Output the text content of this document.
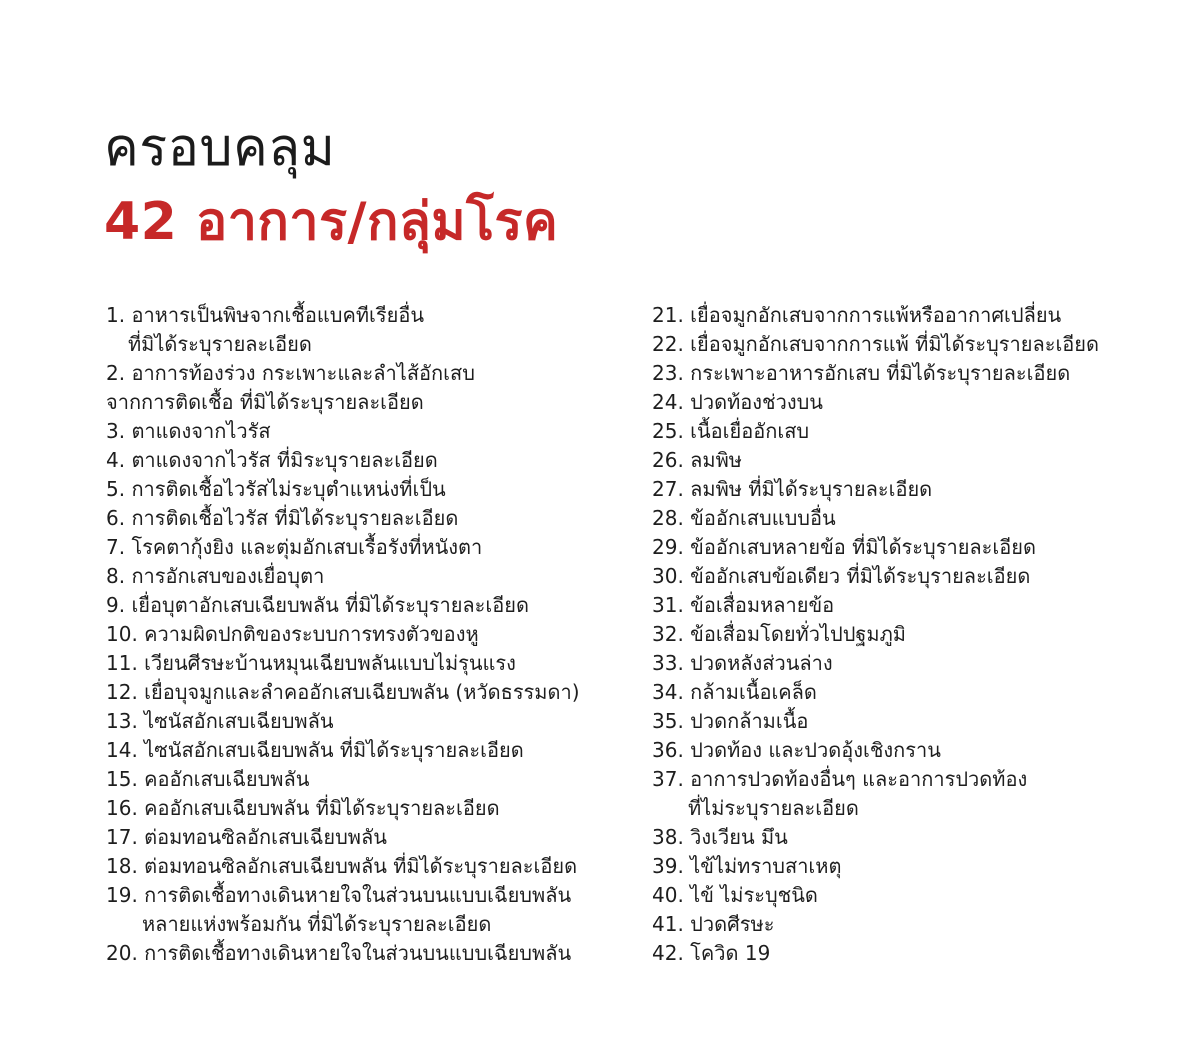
ครอบคลุม
42 อาการ/กลุ่มโรค
1. อาหารเป็นพิษจากเชื้อแบคทีเรียอื่น
ที่มิได้ระบุรายละเอียด
2. อาการท้องร่วง กระเพาะและลำไส้อักเสบ
จากการติดเชื้อ ที่มิได้ระบุรายละเอียด
3. ตาแดงจากไวรัส
4. ตาแดงจากไวรัส ที่มิระบุรายละเอียด
5. การติดเชื้อไวรัสไม่ระบุตำแหน่งที่เป็น
6. การติดเชื้อไวรัส ที่มิได้ระบุรายละเอียด
7. โรคตากุ้งยิง และตุ่มอักเสบเรื้อรังที่หนังตา
8. การอักเสบของเยื่อบุตา
9. เยื่อบุตาอักเสบเฉียบพลัน ที่มิได้ระบุรายละเอียด
10. ความผิดปกติของระบบการทรงตัวของหู
11. เวียนศีรษะบ้านหมุนเฉียบพลันแบบไม่รุนแรง
12. เยื่อบุจมูกและลำคออักเสบเฉียบพลัน (หวัดธรรมดา)
13. ไซนัสอักเสบเฉียบพลัน
14. ไซนัสอักเสบเฉียบพลัน ที่มิได้ระบุรายละเอียด
15. คออักเสบเฉียบพลัน
16. คออักเสบเฉียบพลัน ที่มิได้ระบุรายละเอียด
17. ต่อมทอนซิลอักเสบเฉียบพลัน
18. ต่อมทอนซิลอักเสบเฉียบพลัน ที่มิได้ระบุรายละเอียด
19. การติดเชื้อทางเดินหายใจในส่วนบนแบบเฉียบพลัน
หลายแห่งพร้อมกัน ที่มิได้ระบุรายละเอียด
20. การติดเชื้อทางเดินหายใจในส่วนบนแบบเฉียบพลัน
21. เยื่อจมูกอักเสบจากการแพ้หรืออากาศเปลี่ยน
22. เยื่อจมูกอักเสบจากการแพ้ ที่มิได้ระบุรายละเอียด
23. กระเพาะอาหารอักเสบ ที่มิได้ระบุรายละเอียด
24. ปวดท้องช่วงบน
25. เนื้อเยื่ออักเสบ
26. ลมพิษ
27. ลมพิษ ที่มิได้ระบุรายละเอียด
28. ข้ออักเสบแบบอื่น
29. ข้ออักเสบหลายข้อ ที่มิได้ระบุรายละเอียด
30. ข้ออักเสบข้อเดียว ที่มิได้ระบุรายละเอียด
31. ข้อเสื่อมหลายข้อ
32. ข้อเสื่อมโดยทั่วไปปฐมภูมิ
33. ปวดหลังส่วนล่าง
34. กล้ามเนื้อเคล็ด
35. ปวดกล้ามเนื้อ
36. ปวดท้อง และปวดอุ้งเชิงกราน
37. อาการปวดท้องอื่นๆ และอาการปวดท้อง
ที่ไม่ระบุรายละเอียด
38. วิงเวียน มึน
39. ไข้ไม่ทราบสาเหตุ
40. ไข้ ไม่ระบุชนิด
41. ปวดศีรษะ
42. โควิด 19
